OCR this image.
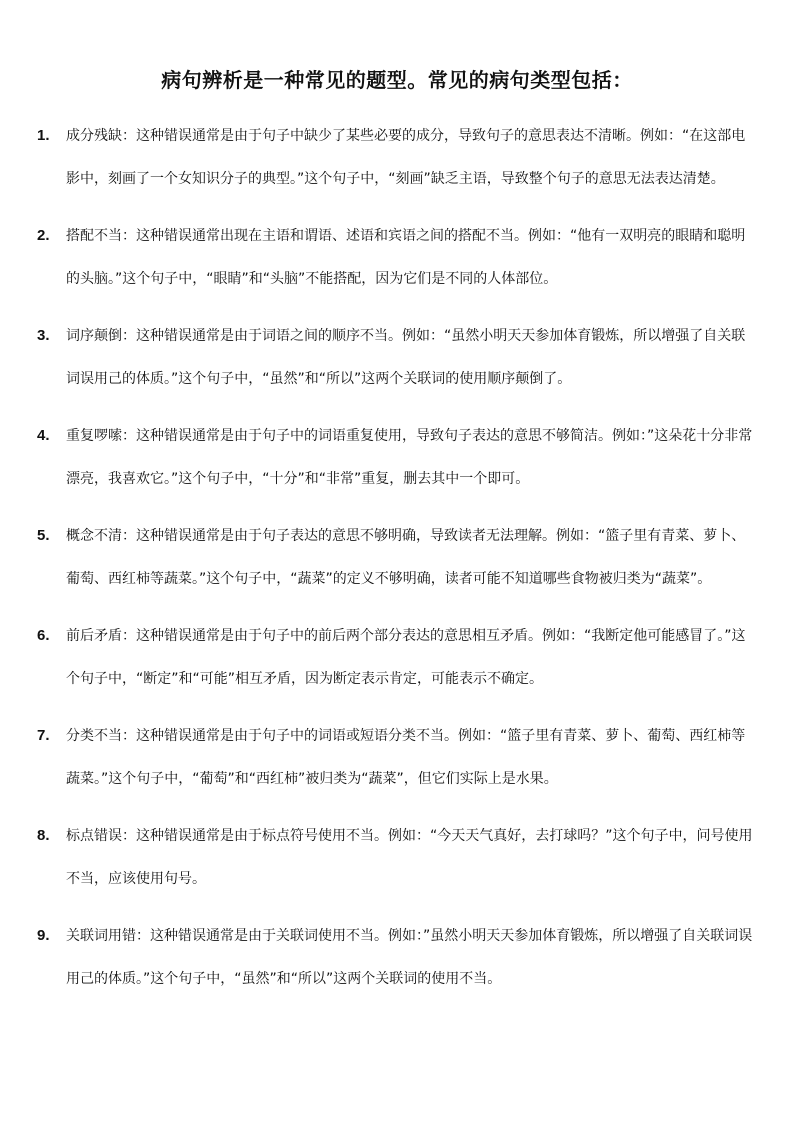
病句辨析是一种常见的题型。常见的病句类型包括：
1. 成分残缺：这种错误通常是由于句子中缺少了某些必要的成分，导致句子的意思表达不清晰。例如：“在这部电影中，刻画了一个女知识分子的典型。”这个句子中，“刻画”缺乏主语，导致整个句子的意思无法表达清楚。
2. 搭配不当：这种错误通常出现在主语和谓语、述语和宾语之间的搭配不当。例如：“他有一双明亮的眼睛和聪明的头脑。”这个句子中，“眼睛”和“头脑”不能搭配，因为它们是不同的人体部位。
3. 词序颠倒：这种错误通常是由于词语之间的顺序不当。例如：“虽然小明天天参加体育锻炼，所以增强了自关联词误用己的体质。”这个句子中，“虽然”和“所以”这两个关联词的使用顺序颠倒了。
4. 重复啰嗦：这种错误通常是由于句子中的词语重复使用，导致句子表达的意思不够简洁。例如：”这朵花十分非常漂亮，我喜欢它。”这个句子中，“十分”和“非常”重复，删去其中一个即可。
5. 概念不清：这种错误通常是由于句子表达的意思不够明确，导致读者无法理解。例如：“篮子里有青菜、萝卜、葡萄、西红柿等蔬菜。”这个句子中，“蔬菜”的定义不够明确，读者可能不知道哪些食物被归类为“蔬菜”。
6. 前后矛盾：这种错误通常是由于句子中的前后两个部分表达的意思相互矛盾。例如：“我断定他可能感冒了。”这个句子中，“断定”和“可能”相互矛盾，因为断定表示肯定，可能表示不确定。
7. 分类不当：这种错误通常是由于句子中的词语或短语分类不当。例如：“篮子里有青菜、萝卜、葡萄、西红柿等蔬菜。”这个句子中，“葡萄”和“西红柿”被归类为“蔬菜”，但它们实际上是水果。
8. 标点错误：这种错误通常是由于标点符号使用不当。例如：“今天天气真好，去打球吗？”这个句子中，问号使用不当，应该使用句号。
9. 关联词用错：这种错误通常是由于关联词使用不当。例如：”虽然小明天天参加体育锻炼，所以增强了自关联词误用己的体质。”这个句子中，“虽然”和“所以”这两个关联词的使用不当。
